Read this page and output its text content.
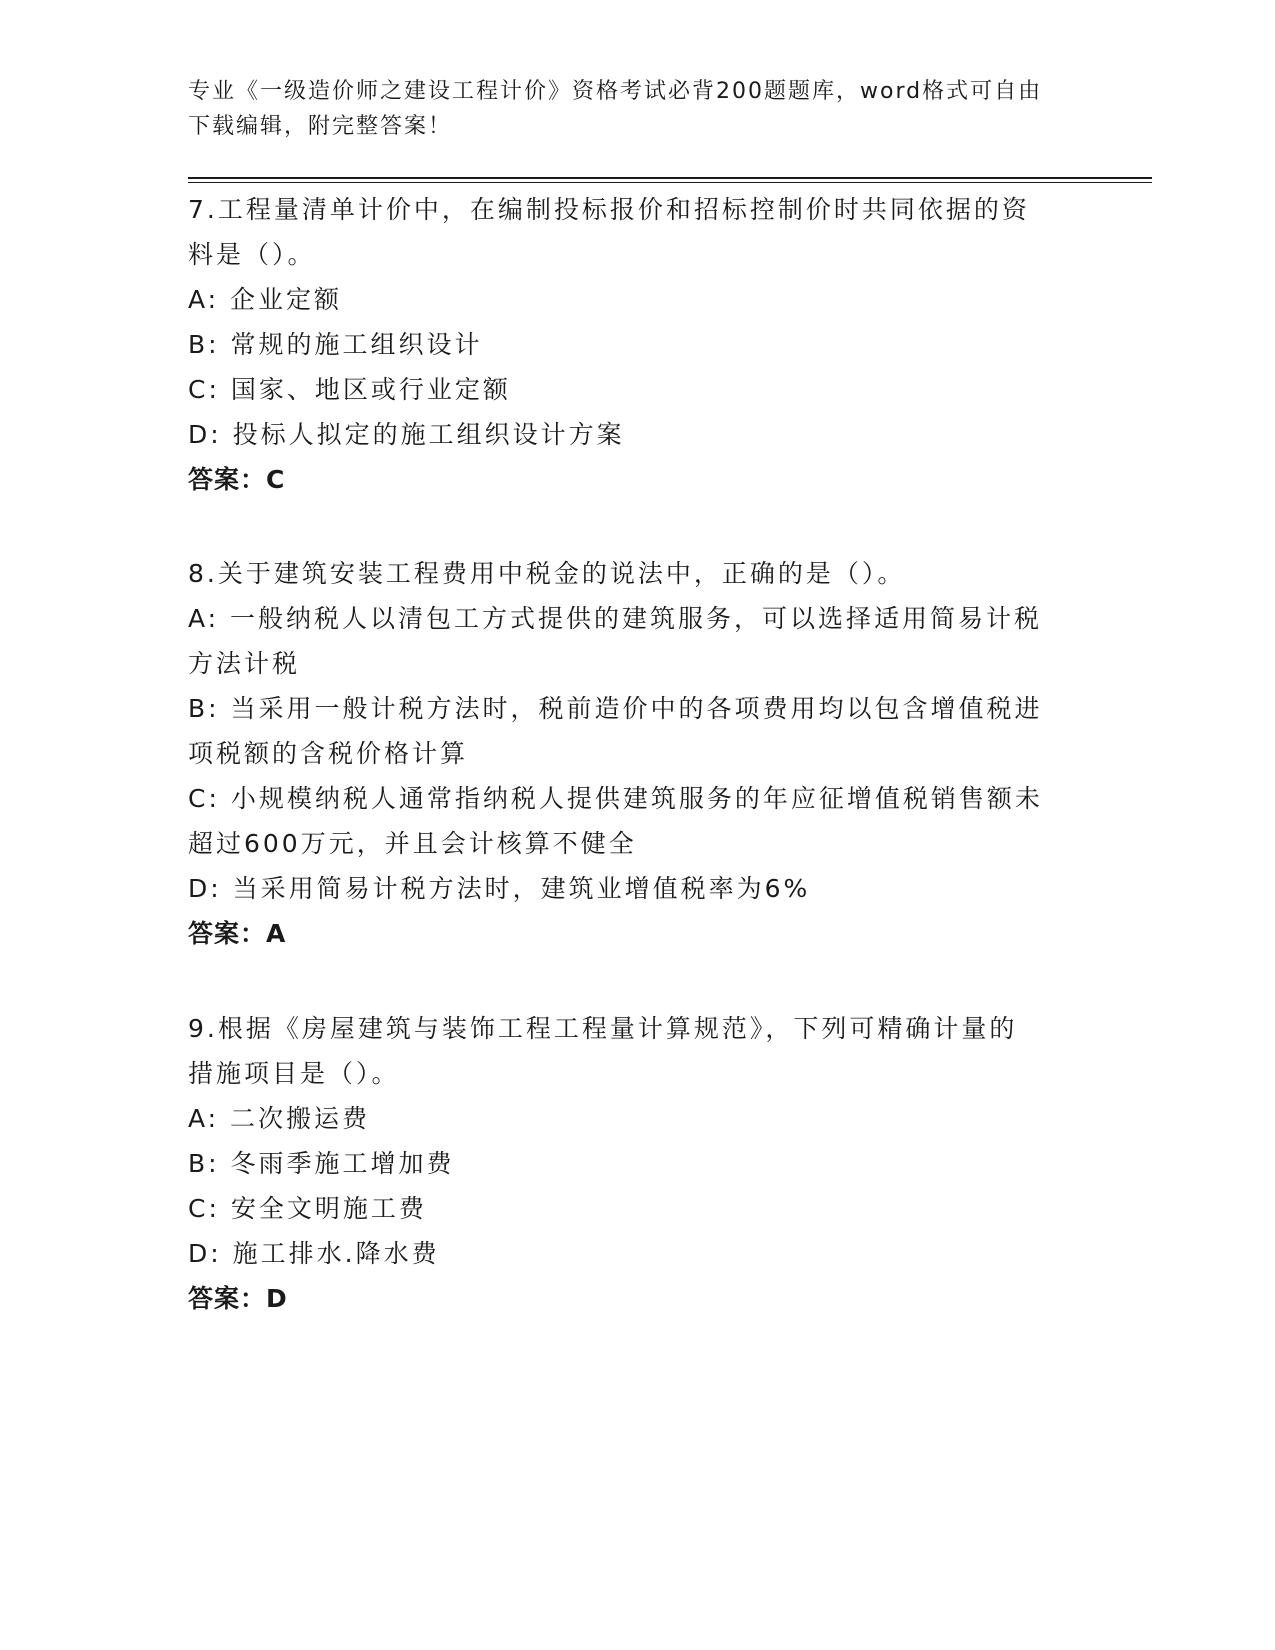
专业《一级造价师之建设工程计价》资格考试必背200题题库，word格式可自由
下载编辑，附完整答案！
7.工程量清单计价中，在编制投标报价和招标控制价时共同依据的资
料是（）。
A: 企业定额
B: 常规的施工组织设计
C: 国家、地区或行业定额
D: 投标人拟定的施工组织设计方案
答案：C
8.关于建筑安装工程费用中税金的说法中，正确的是（）。
A: 一般纳税人以清包工方式提供的建筑服务，可以选择适用简易计税
方法计税
B: 当采用一般计税方法时，税前造价中的各项费用均以包含增值税进
项税额的含税价格计算
C: 小规模纳税人通常指纳税人提供建筑服务的年应征增值税销售额未
超过600万元，并且会计核算不健全
D: 当采用简易计税方法时，建筑业增值税率为6%
答案：A
9.根据《房屋建筑与装饰工程工程量计算规范》，下列可精确计量的
措施项目是（）。
A: 二次搬运费
B: 冬雨季施工增加费
C: 安全文明施工费
D: 施工排水.降水费
答案：D
